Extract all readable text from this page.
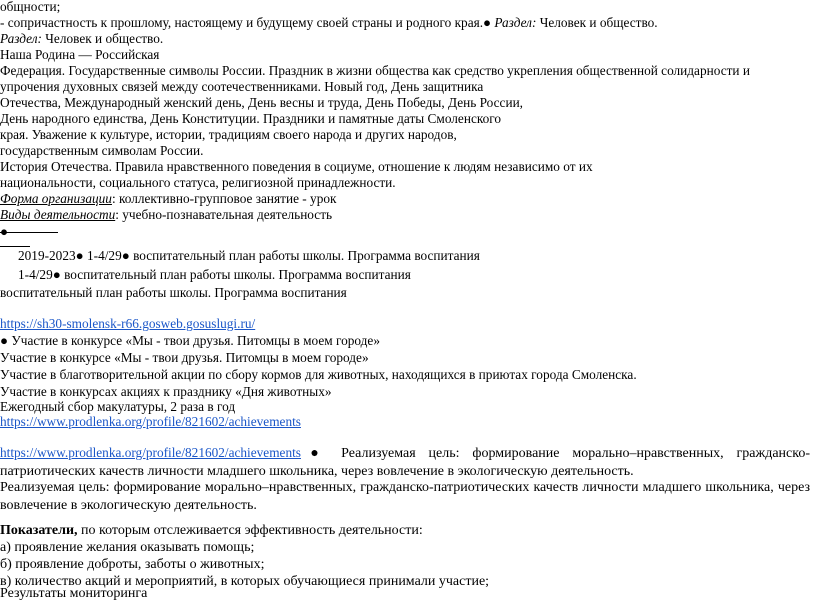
общности;
- сопричастность к прошлому, настоящему и будущему своей страны и родного края.● Раздел: Человек и общество.
Раздел: Человек и общество.
Наша Родина — Российская
Федерация. Государственные символы России. Праздник в жизни общества как средство укрепления общественной солидарности и
упрочения духовных связей между соотечественниками. Новый год, День защитника
Отечества, Международный женский день, День весны и труда, День Победы, День России,
День народного единства, День Конституции. Праздники и памятные даты Смоленского
края. Уважение к культуре, истории, традициям своего народа и других народов,
государственным символам России.
История Отечества. Правила нравственного поведения в социуме, отношение к людям независимо от их
национальности, социального статуса, религиозной принадлежности.
Форма организации: коллективно-групповое занятие - урок
Виды деятельности: учебно-познавательная деятельность
●
2019-2023● 1-4/29● воспитательный план работы школы. Программа воспитания
1-4/29● воспитательный план работы школы. Программа воспитания
воспитательный план работы школы. Программа воспитания
https://sh30-smolensk-r66.gosweb.gosuslugi.ru/
● Участие в конкурсе «Мы - твои друзья. Питомцы в моем городе»
Участие в конкурсе «Мы - твои друзья. Питомцы в моем городе»
Участие в благотворительной акции по сбору кормов для животных, находящихся в приютах города Смоленска.
Участие в конкурсах акциях к празднику «Дня животных»
Ежегодный сбор макулатуры, 2 раза в год
https://www.prodlenka.org/profile/821602/achievements
https://www.prodlenka.org/profile/821602/achievements● Реализуемая цель: формирование морально–нравственных, гражданско-патриотических качеств личности младшего школьника, через вовлечение в экологическую деятельность.
Реализуемая цель: формирование морально–нравственных, гражданско-патриотических качеств личности младшего школьника, через вовлечение в экологическую деятельность.
Показатели, по которым отслеживается эффективность деятельности:
а) проявление желания оказывать помощь;
б) проявление доброты, заботы о животных;
в) количество акций и мероприятий, в которых обучающиеся принимали участие;
Результаты мониторинга
